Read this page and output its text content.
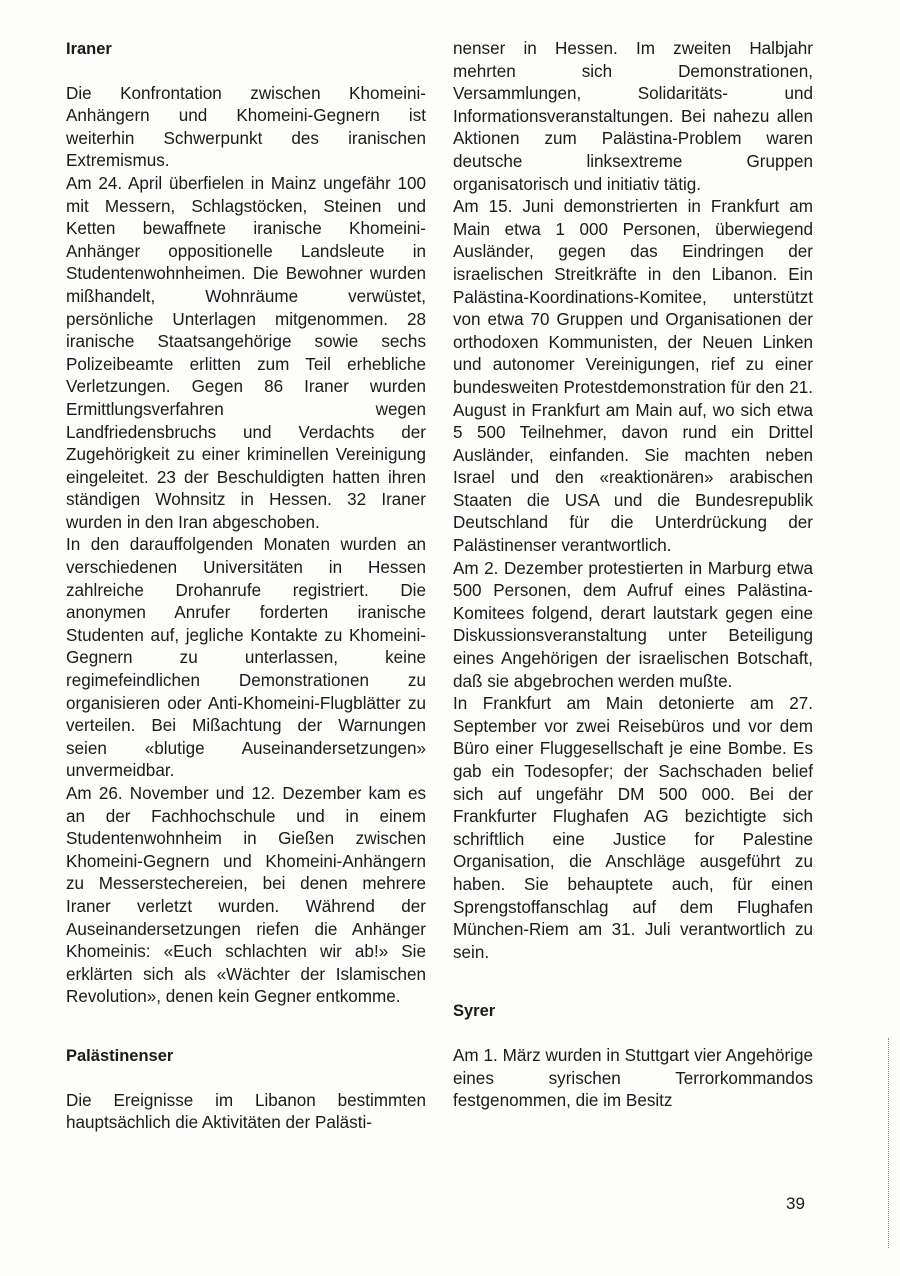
Iraner

Die Konfrontation zwischen Khomeini-Anhängern und Khomeini-Gegnern ist weiterhin Schwerpunkt des iranischen Extremismus.

Am 24. April überfielen in Mainz ungefähr 100 mit Messern, Schlagstöcken, Steinen und Ketten bewaffnete iranische Khomeini-Anhänger oppositionelle Landsleute in Studentenwohnheimen. Die Bewohner wurden mißhandelt, Wohnräume verwüstet, persönliche Unterlagen mitgenommen. 28 iranische Staatsangehörige sowie sechs Polizeibeamte erlitten zum Teil erhebliche Verletzungen. Gegen 86 Iraner wurden Ermittlungsverfahren wegen Landfriedensbruchs und Verdachts der Zugehörigkeit zu einer kriminellen Vereinigung eingeleitet. 23 der Beschuldigten hatten ihren ständigen Wohnsitz in Hessen. 32 Iraner wurden in den Iran abgeschoben.

In den darauffolgenden Monaten wurden an verschiedenen Universitäten in Hessen zahlreiche Drohanrufe registriert. Die anonymen Anrufer forderten iranische Studenten auf, jegliche Kontakte zu Khomeini-Gegnern zu unterlassen, keine regimefeindlichen Demonstrationen zu organisieren oder Anti-Khomeini-Flugblätter zu verteilen. Bei Mißachtung der Warnungen seien «blutige Auseinandersetzungen» unvermeidbar.

Am 26. November und 12. Dezember kam es an der Fachhochschule und in einem Studentenwohnheim in Gießen zwischen Khomeini-Gegnern und Khomeini-Anhängern zu Messerstechereien, bei denen mehrere Iraner verletzt wurden. Während der Auseinandersetzungen riefen die Anhänger Khomeinis: «Euch schlachten wir ab!» Sie erklärten sich als «Wächter der Islamischen Revolution», denen kein Gegner entkomme.

Palästinenser

Die Ereignisse im Libanon bestimmten hauptsächlich die Aktivitäten der Palästi-

nenser in Hessen. Im zweiten Halbjahr mehrten sich Demonstrationen, Versammlungen, Solidaritäts- und Informationsveranstaltungen. Bei nahezu allen Aktionen zum Palästina-Problem waren deutsche linksextreme Gruppen organisatorisch und initiativ tätig.

Am 15. Juni demonstrierten in Frankfurt am Main etwa 1 000 Personen, überwiegend Ausländer, gegen das Eindringen der israelischen Streitkräfte in den Libanon. Ein Palästina-Koordinations-Komitee, unterstützt von etwa 70 Gruppen und Organisationen der orthodoxen Kommunisten, der Neuen Linken und autonomer Vereinigungen, rief zu einer bundesweiten Protestdemonstration für den 21. August in Frankfurt am Main auf, wo sich etwa 5 500 Teilnehmer, davon rund ein Drittel Ausländer, einfanden. Sie machten neben Israel und den «reaktionären» arabischen Staaten die USA und die Bundesrepublik Deutschland für die Unterdrückung der Palästinenser verantwortlich.

Am 2. Dezember protestierten in Marburg etwa 500 Personen, dem Aufruf eines Palästina-Komitees folgend, derart lautstark gegen eine Diskussionsveranstaltung unter Beteiligung eines Angehörigen der israelischen Botschaft, daß sie abgebrochen werden mußte.

In Frankfurt am Main detonierte am 27. September vor zwei Reisebüros und vor dem Büro einer Fluggesellschaft je eine Bombe. Es gab ein Todesopfer; der Sachschaden belief sich auf ungefähr DM 500 000. Bei der Frankfurter Flughafen AG bezichtigte sich schriftlich eine Justice for Palestine Organisation, die Anschläge ausgeführt zu haben. Sie behauptete auch, für einen Sprengstoffanschlag auf dem Flughafen München-Riem am 31. Juli verantwortlich zu sein.

Syrer

Am 1. März wurden in Stuttgart vier Angehörige eines syrischen Terrorkommandos festgenommen, die im Besitz

39
